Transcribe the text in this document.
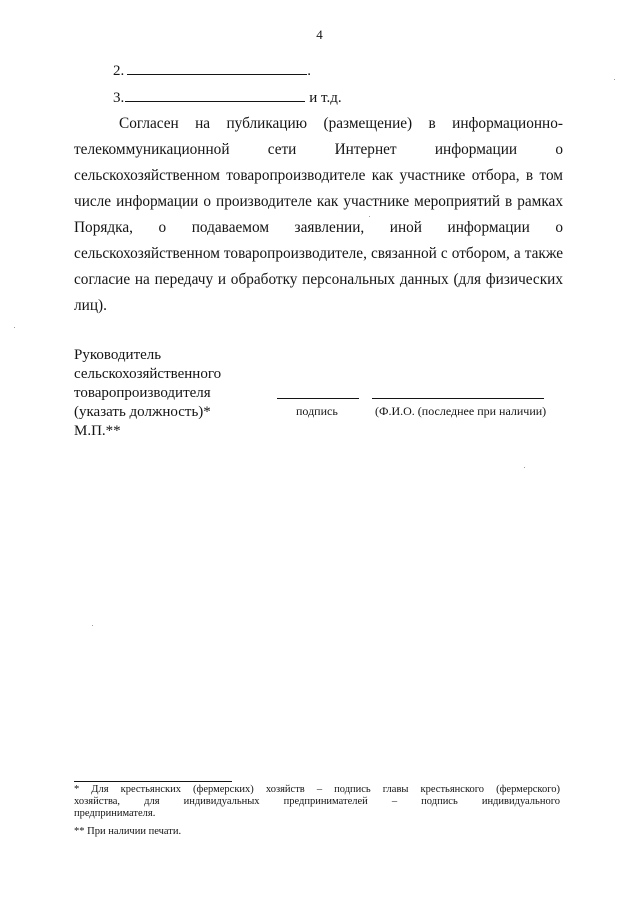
4
2.	.
3.	и т.д.
Согласен на публикацию (размещение) в информационно-
телекоммуникационной сети Интернет информации о
сельскохозяйственном товаропроизводителе как участнике отбора, в том
числе информации о производителе как участнике мероприятий в рамках
Порядка, о подаваемом заявлении, иной информации о
сельскохозяйственном товаропроизводителе, связанной с отбором, а также
согласие на передачу и обработку персональных данных (для физических
лиц).
Руководитель
сельскохозяйственного
товаропроизводителя
(указать должность)*
М.П.**
подпись	(Ф.И.О. (последнее при наличии)
* Для крестьянских (фермерских) хозяйств – подпись главы крестьянского (фермерского)
хозяйства, для индивидуальных предпринимателей – подпись индивидуального
предпринимателя.
** При наличии печати.
